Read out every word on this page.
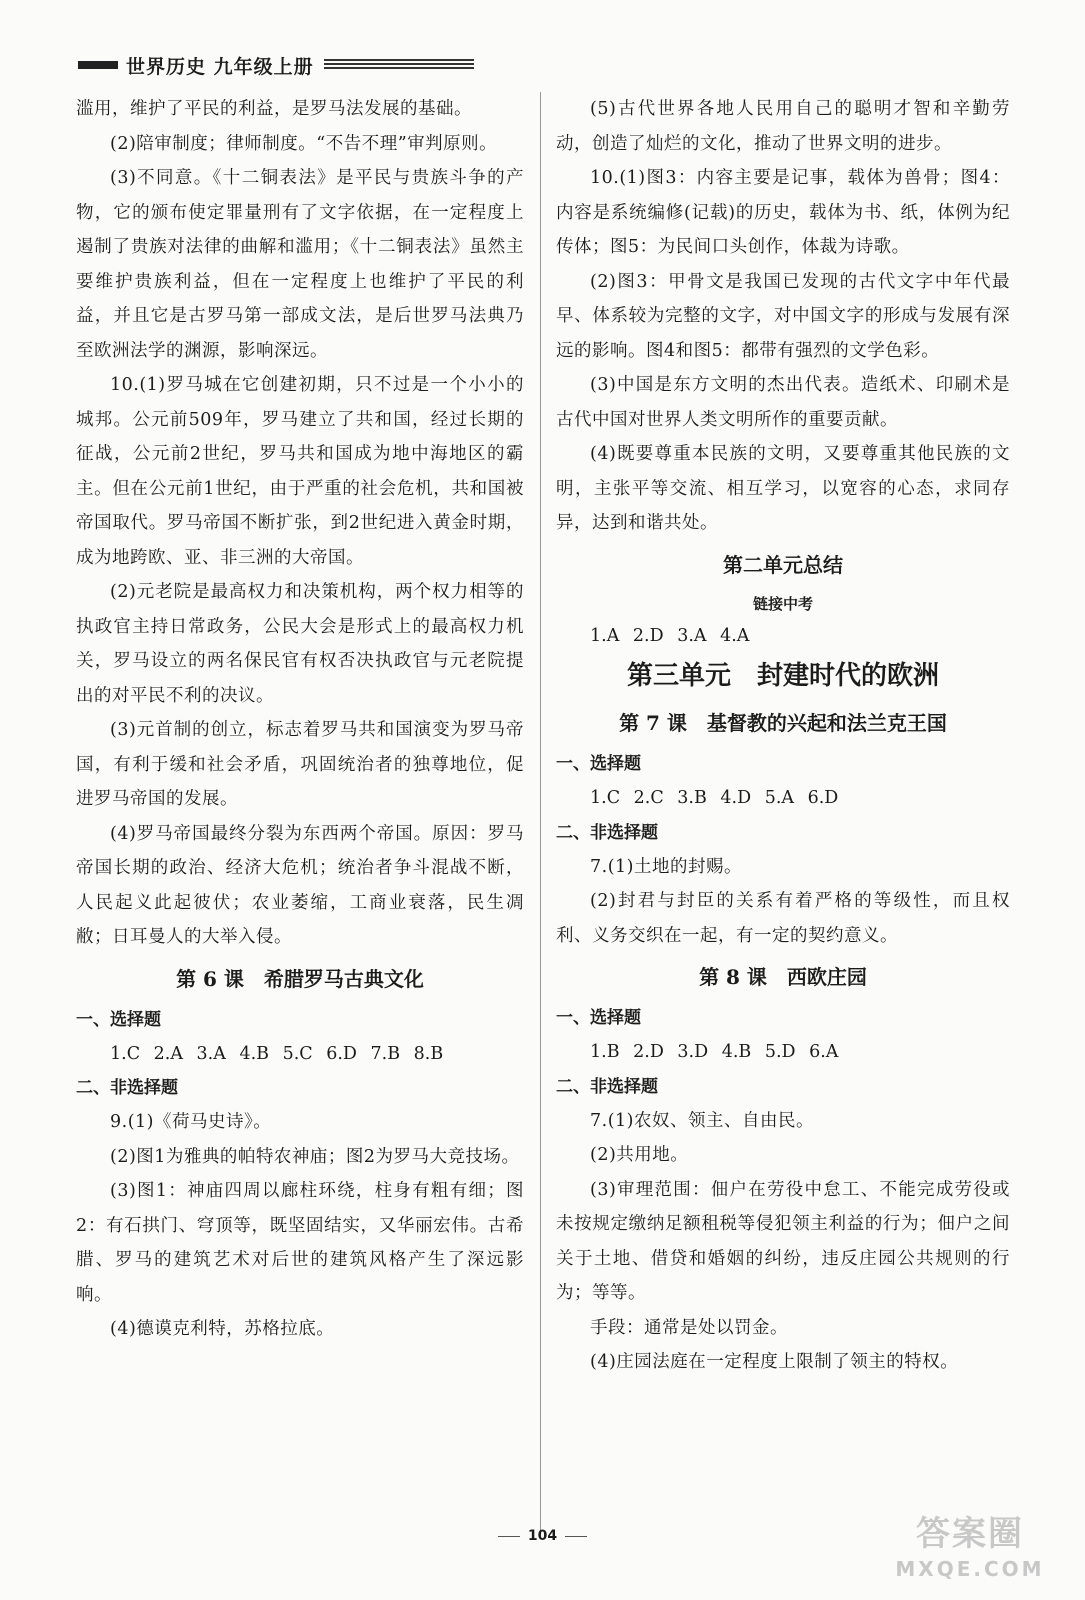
世界历史 九年级上册

滥用，维护了平民的利益，是罗马法发展的基础。

(2)陪审制度；律师制度。“不告不理”审判原则。

(3)不同意。《十二铜表法》是平民与贵族斗争的产物，它的颁布使定罪量刑有了文字依据，在一定程度上遏制了贵族对法律的曲解和滥用；《十二铜表法》虽然主要维护贵族利益，但在一定程度上也维护了平民的利益，并且它是古罗马第一部成文法，是后世罗马法典乃至欧洲法学的渊源，影响深远。

10.(1)罗马城在它创建初期，只不过是一个小小的城邦。公元前509年，罗马建立了共和国，经过长期的征战，公元前2世纪，罗马共和国成为地中海地区的霸主。但在公元前1世纪，由于严重的社会危机，共和国被帝国取代。罗马帝国不断扩张，到2世纪进入黄金时期，成为地跨欧、亚、非三洲的大帝国。

(2)元老院是最高权力和决策机构，两个权力相等的执政官主持日常政务，公民大会是形式上的最高权力机关，罗马设立的两名保民官有权否决执政官与元老院提出的对平民不利的决议。

(3)元首制的创立，标志着罗马共和国演变为罗马帝国，有利于缓和社会矛盾，巩固统治者的独尊地位，促进罗马帝国的发展。

(4)罗马帝国最终分裂为东西两个帝国。原因：罗马帝国长期的政治、经济大危机；统治者争斗混战不断，人民起义此起彼伏；农业萎缩，工商业衰落，民生凋敝；日耳曼人的大举入侵。

第 6 课　希腊罗马古典文化
一、选择题
1.C 2.A 3.A 4.B 5.C 6.D 7.B 8.B
二、非选择题

9.(1)《荷马史诗》。

(2)图1为雅典的帕特农神庙；图2为罗马大竞技场。

(3)图1：神庙四周以廊柱环绕，柱身有粗有细；图2：有石拱门、穹顶等，既坚固结实，又华丽宏伟。古希腊、罗马的建筑艺术对后世的建筑风格产生了深远影响。

(4)德谟克利特，苏格拉底。

(5)古代世界各地人民用自己的聪明才智和辛勤劳动，创造了灿烂的文化，推动了世界文明的进步。

10.(1)图3：内容主要是记事，载体为兽骨；图4：内容是系统编修(记载)的历史，载体为书、纸，体例为纪传体；图5：为民间口头创作，体裁为诗歌。

(2)图3：甲骨文是我国已发现的古代文字中年代最早、体系较为完整的文字，对中国文字的形成与发展有深远的影响。图4和图5：都带有强烈的文学色彩。

(3)中国是东方文明的杰出代表。造纸术、印刷术是古代中国对世界人类文明所作的重要贡献。

(4)既要尊重本民族的文明，又要尊重其他民族的文明，主张平等交流、相互学习，以宽容的心态，求同存异，达到和谐共处。

第二单元总结
链接中考
1.A 2.D 3.A 4.A
第三单元　封建时代的欧洲
第 7 课　基督教的兴起和法兰克王国
一、选择题
1.C 2.C 3.B 4.D 5.A 6.D
二、非选择题

7.(1)土地的封赐。

(2)封君与封臣的关系有着严格的等级性，而且权利、义务交织在一起，有一定的契约意义。

第 8 课　西欧庄园
一、选择题
1.B 2.D 3.D 4.B 5.D 6.A
二、非选择题

7.(1)农奴、领主、自由民。

(2)共用地。

(3)审理范围：佃户在劳役中怠工、不能完成劳役或未按规定缴纳足额租税等侵犯领主利益的行为；佃户之间关于土地、借贷和婚姻的纠纷，违反庄园公共规则的行为；等等。

手段：通常是处以罚金。

(4)庄园法庭在一定程度上限制了领主的特权。

104	答案圈
MXQE.COM
